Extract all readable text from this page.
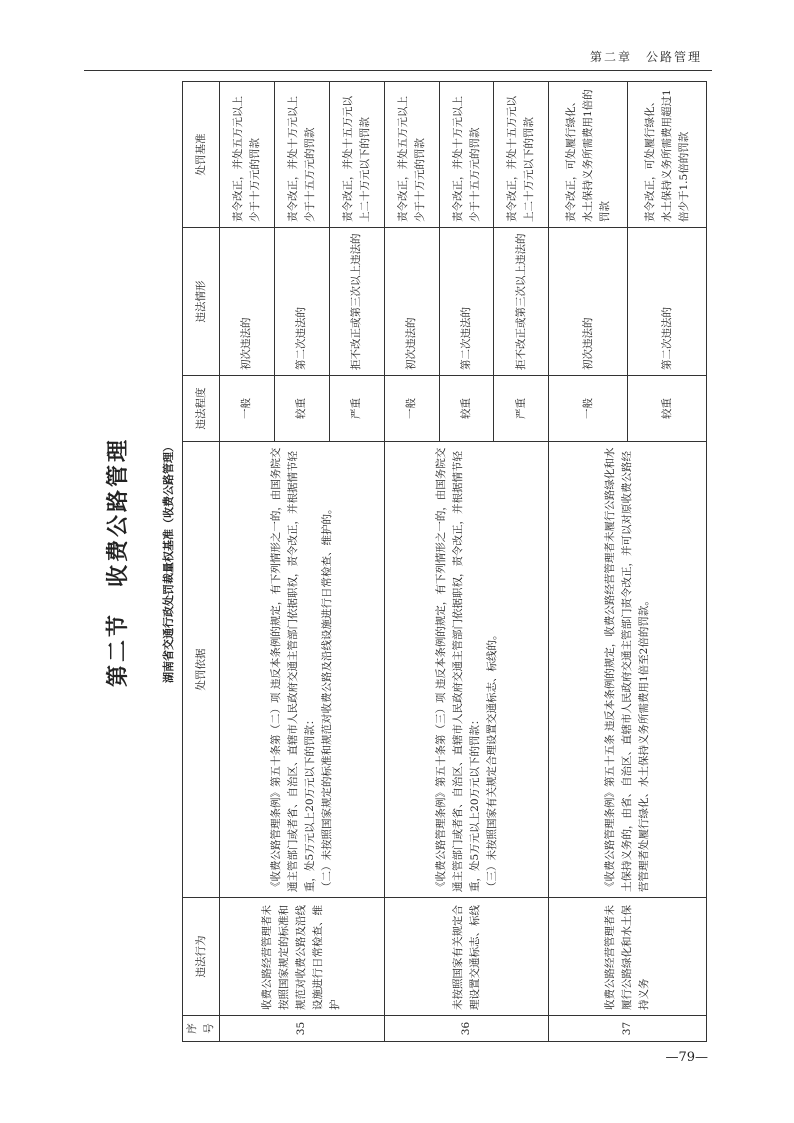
第二章　公路管理
第二节　收费公路管理	湖南省交通行政处罚裁量权基准（收费公路管理）
序号	违法行为	处罚依据	违法程度	违法情形	处罚基准
35	收费公路经营管理者未按照国家规定的标准和规范对收费公路及沿线设施进行日常检查、维护	《收费公路管理条例》第五十条第（二）项 违反本条例的规定，有下列情形之一的，由国务院交通主管部门或者省、自治区、直辖市人民政府交通主管部门依据职权，责令改正，并根据情节轻重，处5万元以上20万元以下的罚款： （二）未按照国家规定的标准和规范对收费公路及沿线设施进行日常检查、维护的。	一般	初次违法的	责令改正，并处五万元以上少于十万元的罚款
			较重	第二次违法的	责令改正，并处十万元以上少于十五万元的罚款
			严重	拒不改正或第三次以上违法的	责令改正，并处十五万元以上二十万元以下的罚款
36	未按照国家有关规定合理设置交通标志、标线	《收费公路管理条例》第五十条第（三）项 违反本条例的规定，有下列情形之一的，由国务院交通主管部门或者省、自治区、直辖市人民政府交通主管部门依据职权，责令改正，并根据情节轻重，处5万元以上20万元以下的罚款： （三）未按照国家有关规定合理设置交通标志、标线的。	一般	初次违法的	责令改正，并处五万元以上少于十万元的罚款
			较重	第二次违法的	责令改正，并处十万元以上少于十五万元的罚款
			严重	拒不改正或第三次以上违法的	责令改正，并处十五万元以上二十万元以下的罚款
37	收费公路经营管理者未履行公路绿化和水土保持义务	《收费公路管理条例》第五十五条 违反本条例的规定，收费公路经营管理者未履行公路绿化和水土保持义务的，由省、自治区、直辖市人民政府交通主管部门责令改正，并可以对原收费公路经营管理者处履行绿化、水土保持义务所需费用1倍至2倍的罚款。	一般	初次违法的	责令改正，可处履行绿化、水土保持义务所需费用1倍的罚款
			较重	第二次违法的	责令改正，可处履行绿化、水土保持义务所需费用超过1倍少于1.5倍的罚款
—79—
